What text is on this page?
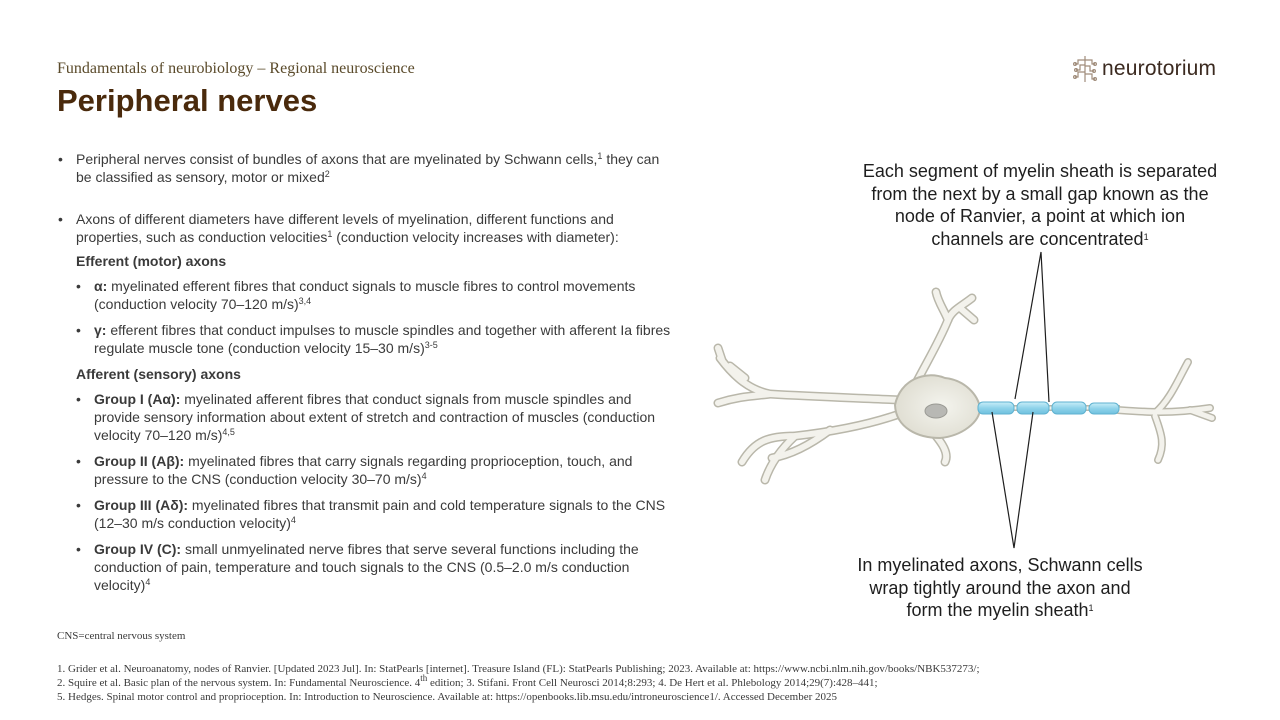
Fundamentals of neurobiology – Regional neuroscience
Peripheral nerves
neurotorium
• Peripheral nerves consist of bundles of axons that are myelinated by Schwann cells,$^1$ they can be classified as sensory, motor or mixed$^2$
• Axons of different diameters have different levels of myelination, different functions and properties, such as conduction velocities$^1$ (conduction velocity increases with diameter):
Efferent (motor) axons
• α: myelinated efferent fibres that conduct signals to muscle fibres to control movements (conduction velocity 70–120 m/s)$^{3,4}$
• γ: efferent fibres that conduct impulses to muscle spindles and together with afferent Ia fibres regulate muscle tone (conduction velocity 15–30 m/s)$^{3-5}$
Afferent (sensory) axons
• Group I (Aα): myelinated afferent fibres that conduct signals from muscle spindles and provide sensory information about extent of stretch and contraction of muscles (conduction velocity 70–120 m/s)$^{4,5}$
• Group II (Aβ): myelinated fibres that carry signals regarding proprioception, touch, and pressure to the CNS (conduction velocity 30–70 m/s)$^4$
• Group III (Aδ): myelinated fibres that transmit pain and cold temperature signals to the CNS (12–30 m/s conduction velocity)$^4$
• Group IV (C): small unmyelinated nerve fibres that serve several functions including the conduction of pain, temperature and touch signals to the CNS (0.5–2.0 m/s conduction velocity)$^4$
Each segment of myelin sheath is separated from the next by a small gap known as the node of Ranvier, a point at which ion channels are concentrated$^1$
In myelinated axons, Schwann cells wrap tightly around the axon and form the myelin sheath$^1$
CNS=central nervous system
1. Grider et al. Neuroanatomy, nodes of Ranvier. [Updated 2023 Jul]. In: StatPearls [internet]. Treasure Island (FL): StatPearls Publishing; 2023. Available at: https://www.ncbi.nlm.nih.gov/books/NBK537273/;
2. Squire et al. Basic plan of the nervous system. In: Fundamental Neuroscience. 4th edition; 3. Stifani. Front Cell Neurosci 2014;8:293; 4. De Hert et al. Phlebology 2014;29(7):428–441;
5. Hedges. Spinal motor control and proprioception. In: Introduction to Neuroscience. Available at: https://openbooks.lib.msu.edu/introneuroscience1/. Accessed December 2025
